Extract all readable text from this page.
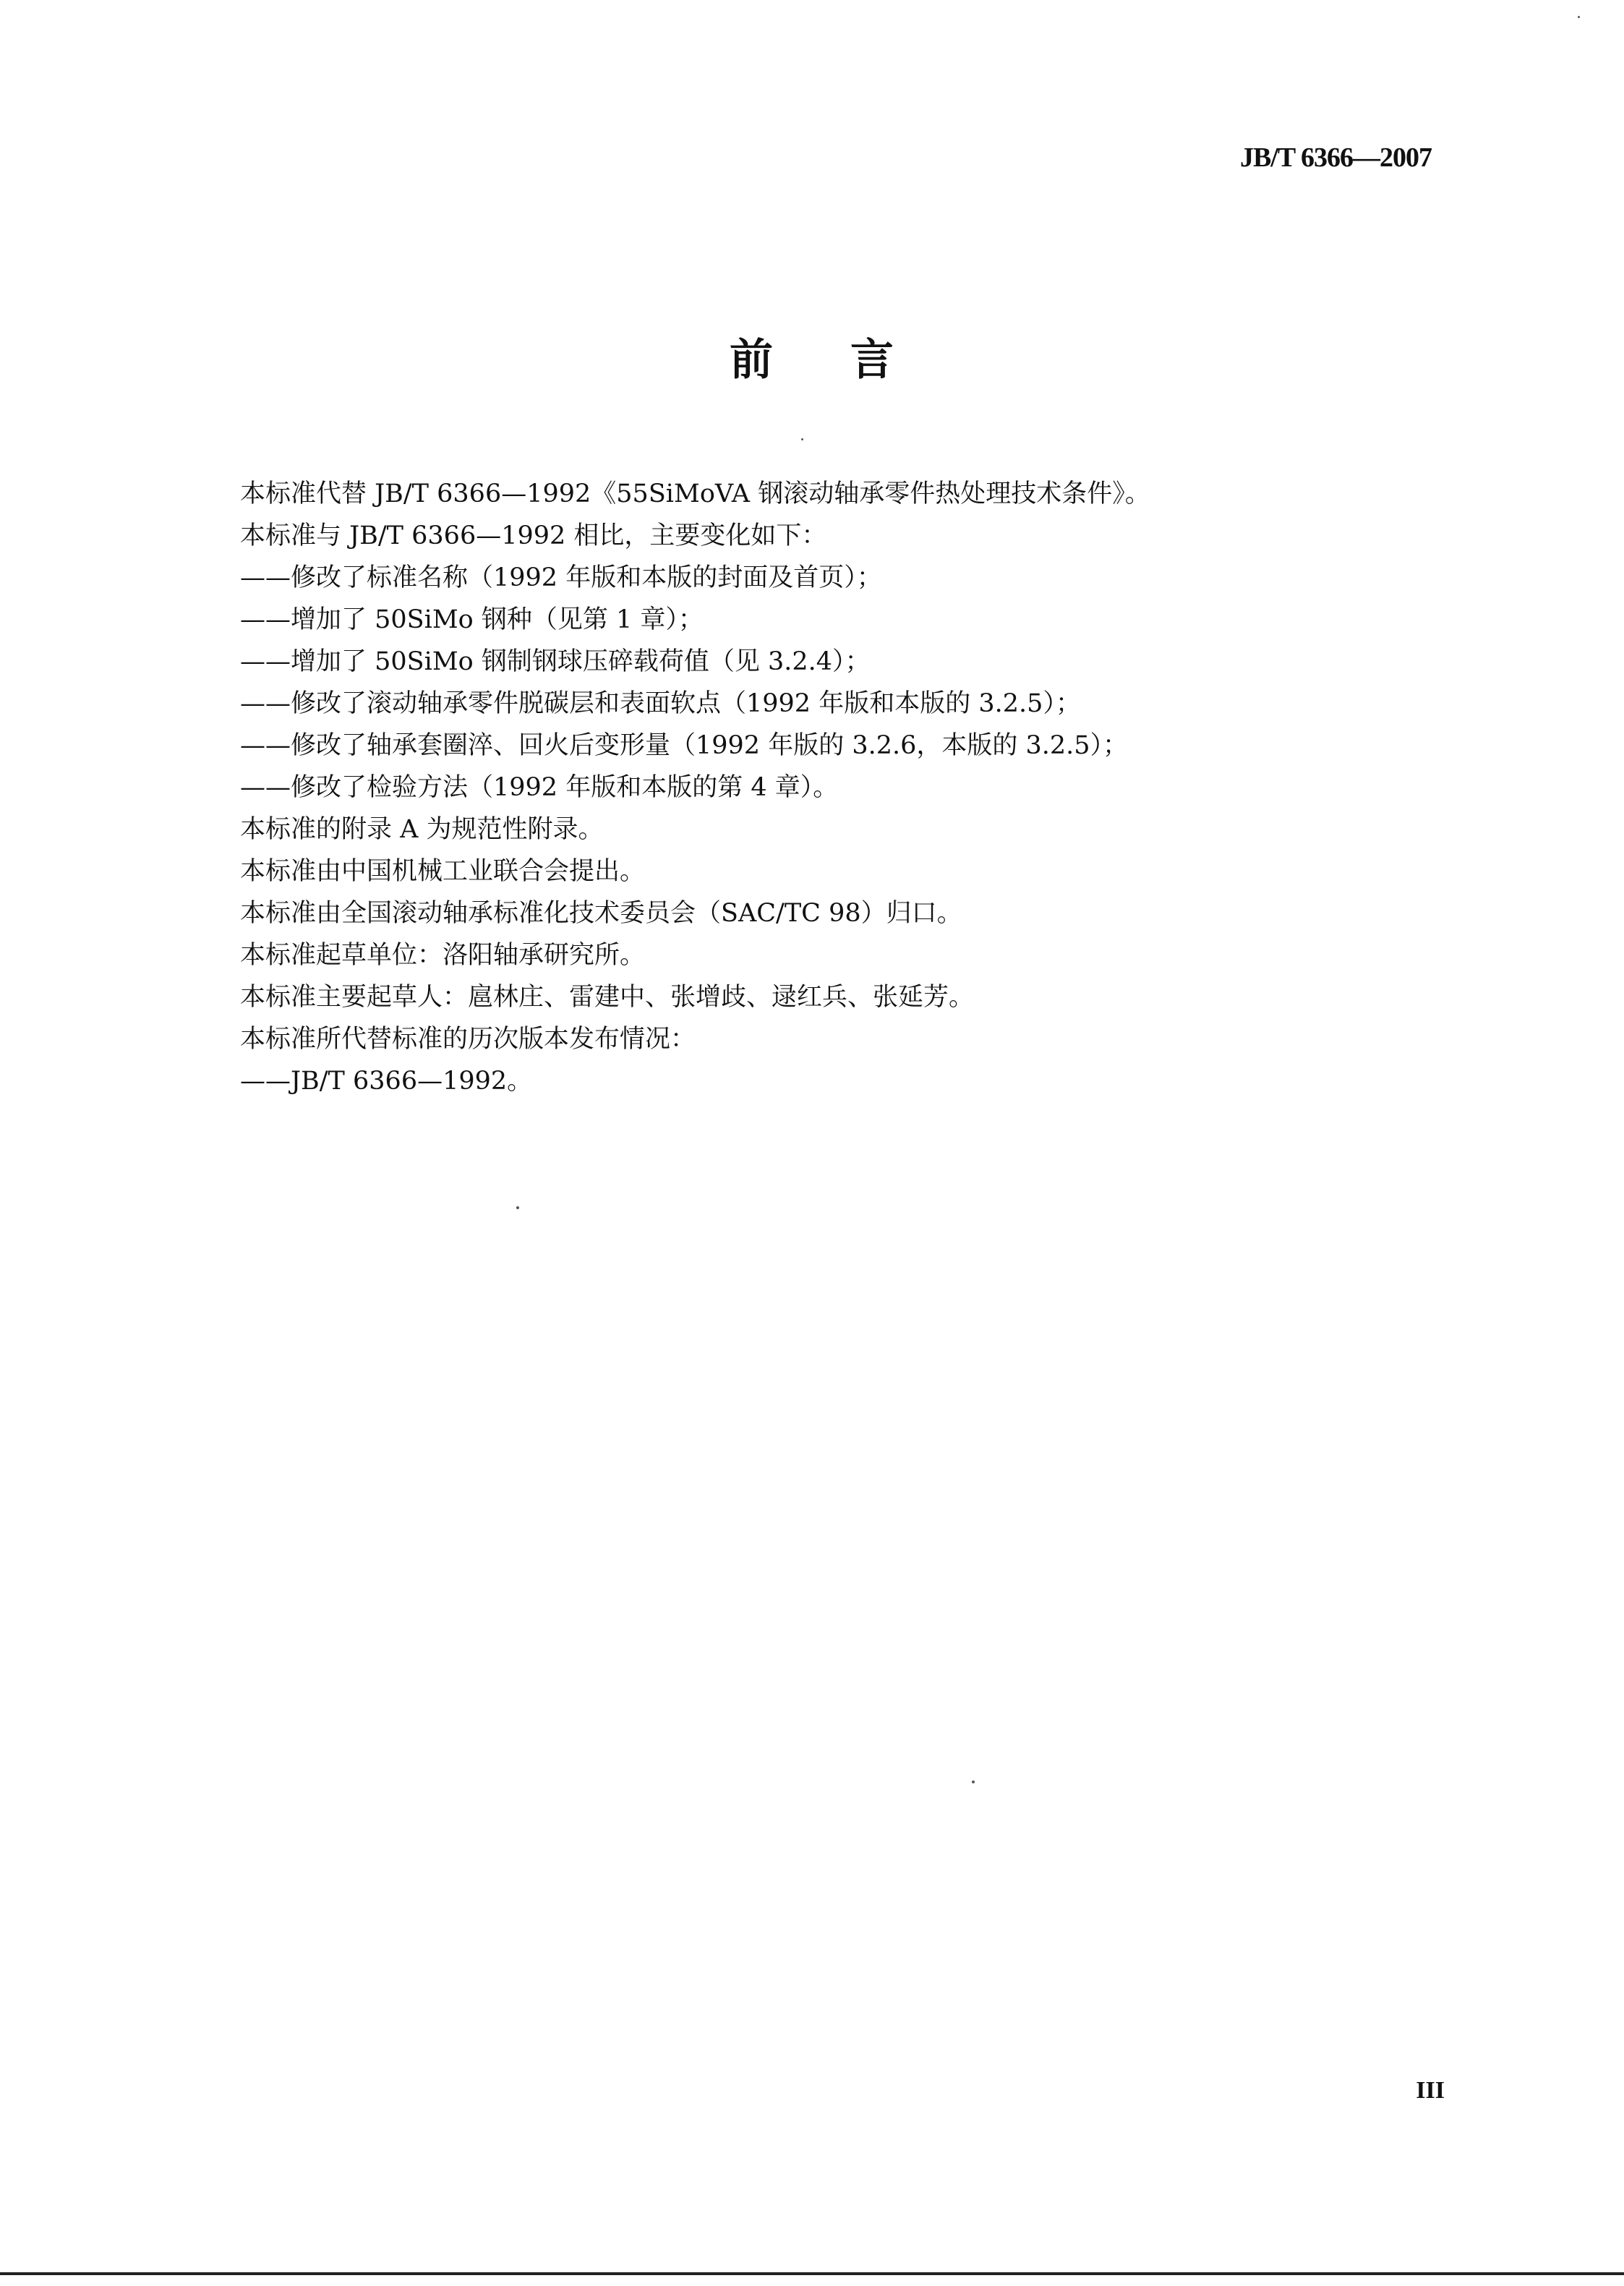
JB/T 6366—2007
前 言
本标准代替 JB/T 6366—1992《55SiMoVA 钢滚动轴承零件热处理技术条件》。
本标准与 JB/T 6366—1992 相比，主要变化如下：
——修改了标准名称（1992 年版和本版的封面及首页）；
——增加了 50SiMo 钢种（见第 1 章）；
——增加了 50SiMo 钢制钢球压碎载荷值（见 3.2.4）；
——修改了滚动轴承零件脱碳层和表面软点（1992 年版和本版的 3.2.5）；
——修改了轴承套圈淬、回火后变形量（1992 年版的 3.2.6，本版的 3.2.5）；
——修改了检验方法（1992 年版和本版的第 4 章）。
本标准的附录 A 为规范性附录。
本标准由中国机械工业联合会提出。
本标准由全国滚动轴承标准化技术委员会（SAC/TC 98）归口。
本标准起草单位：洛阳轴承研究所。
本标准主要起草人：扈林庄、雷建中、张增歧、逯红兵、张延芳。
本标准所代替标准的历次版本发布情况：
——JB/T 6366—1992。
III
